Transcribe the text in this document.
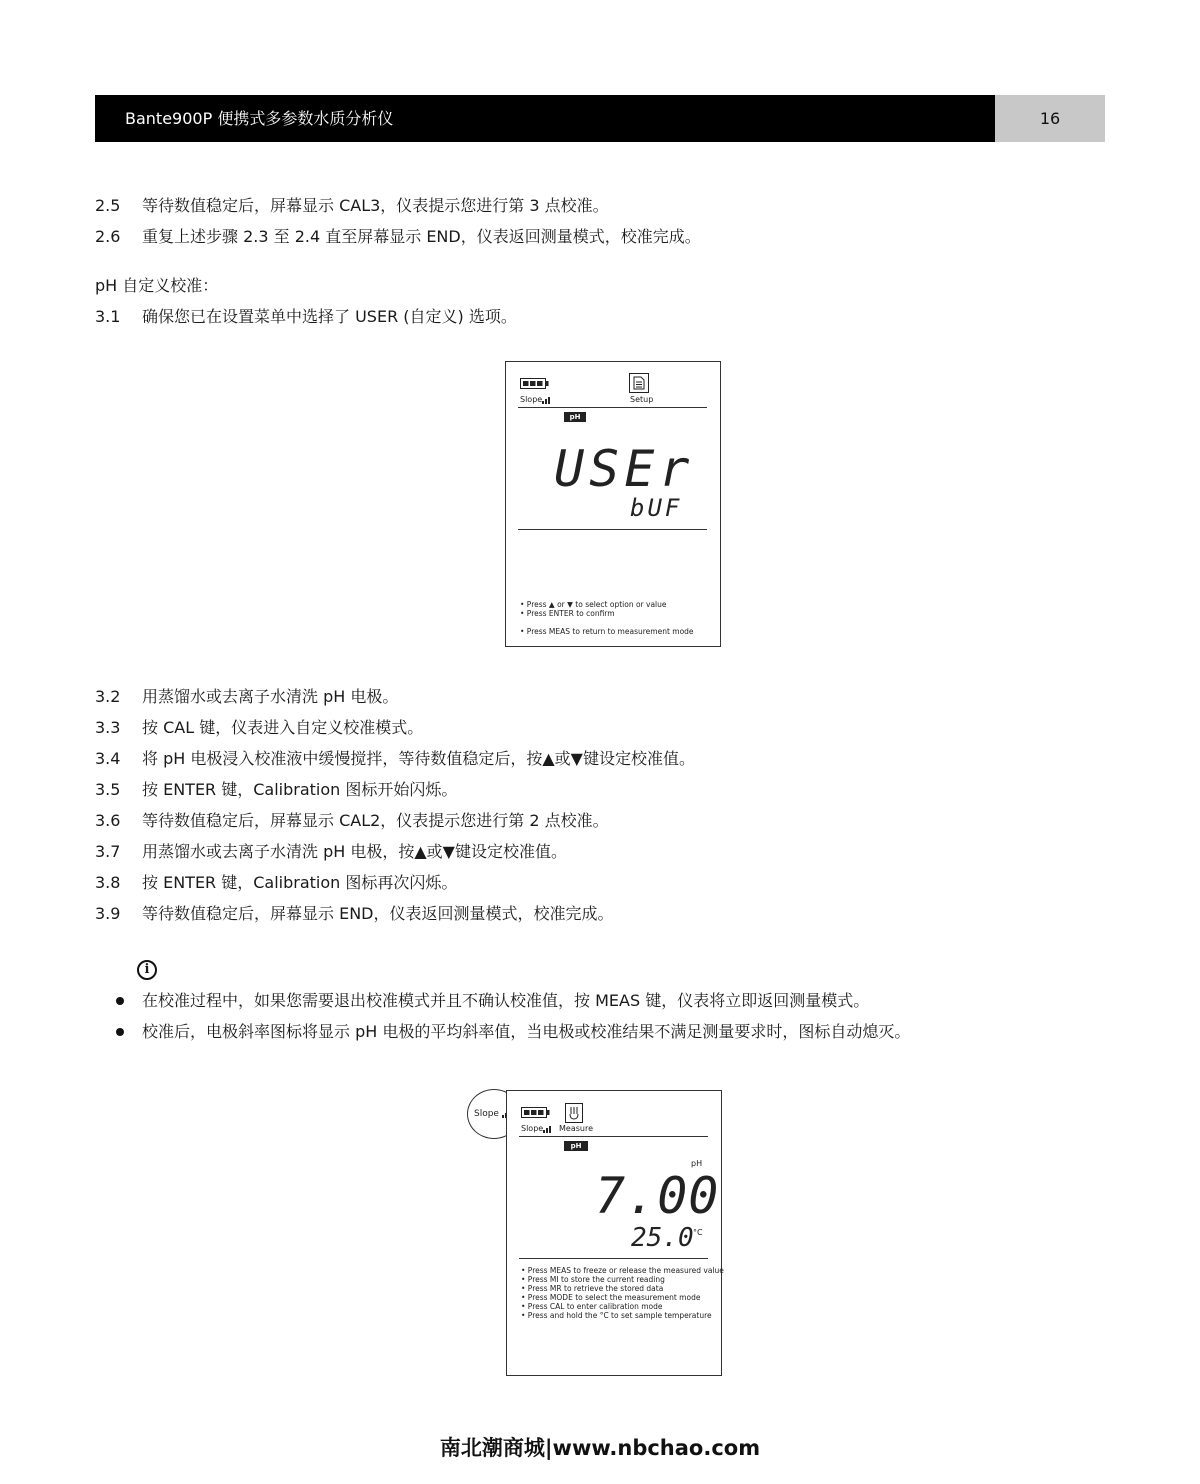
Bante900P 便携式多参数水质分析仪	16
2.5 等待数值稳定后，屏幕显示 CAL3，仪表提示您进行第 3 点校准。
2.6 重复上述步骤 2.3 至 2.4 直至屏幕显示 END，仪表返回测量模式，校准完成。
pH 自定义校准：
3.1 确保您已在设置菜单中选择了 USER (自定义) 选项。
Slope	Setup
pH
USEr
bUF
• Press ▲ or ▼ to select option or value
• Press ENTER to confirm
• Press MEAS to return to measurement mode
3.2 用蒸馏水或去离子水清洗 pH 电极。
3.3 按 CAL 键，仪表进入自定义校准模式。
3.4 将 pH 电极浸入校准液中缓慢搅拌，等待数值稳定后，按▲或▼键设定校准值。
3.5 按 ENTER 键，Calibration 图标开始闪烁。
3.6 等待数值稳定后，屏幕显示 CAL2，仪表提示您进行第 2 点校准。
3.7 用蒸馏水或去离子水清洗 pH 电极，按▲或▼键设定校准值。
3.8 按 ENTER 键，Calibration 图标再次闪烁。
3.9 等待数值稳定后，屏幕显示 END，仪表返回测量模式，校准完成。
i
在校准过程中，如果您需要退出校准模式并且不确认校准值，按 MEAS 键，仪表将立即返回测量模式。
校准后，电极斜率图标将显示 pH 电极的平均斜率值，当电极或校准结果不满足测量要求时，图标自动熄灭。
Slope
Slope Measure
pH
pH
7.00
25.0 °C
• Press MEAS to freeze or release the measured value
• Press MI to store the current reading
• Press MR to retrieve the stored data
• Press MODE to select the measurement mode
• Press CAL to enter calibration mode
• Press and hold the °C to set sample temperature
南北潮商城|www.nbchao.com
